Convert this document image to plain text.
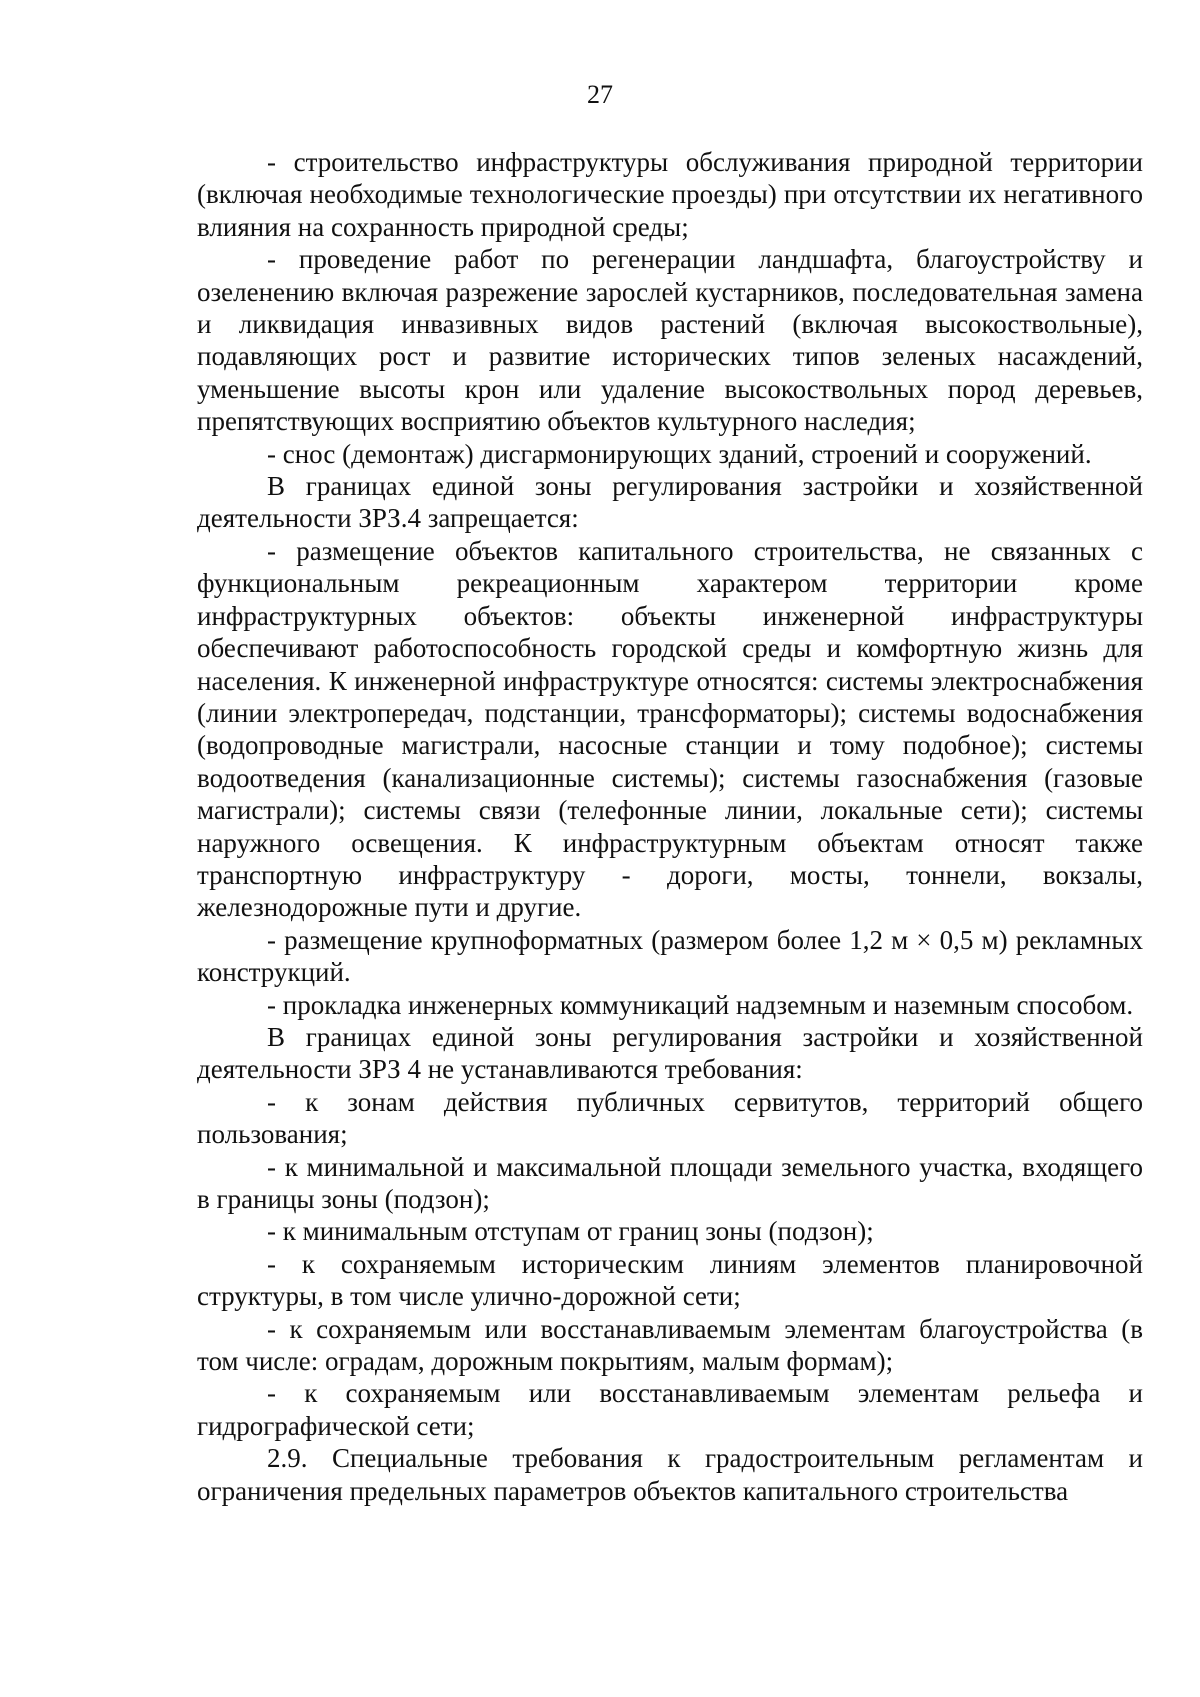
27

- строительство инфраструктуры обслуживания природной территории (включая необходимые технологические проезды) при отсутствии их негативного влияния на сохранность природной среды;

- проведение работ по регенерации ландшафта, благоустройству и озеленению включая разрежение зарослей кустарников, последовательная замена и ликвидация инвазивных видов растений (включая высокоствольные), подавляющих рост и развитие исторических типов зеленых насаждений, уменьшение высоты крон или удаление высокоствольных пород деревьев, препятствующих восприятию объектов культурного наследия;

- снос (демонтаж) дисгармонирующих зданий, строений и сооружений.

В границах единой зоны регулирования застройки и хозяйственной деятельности ЗРЗ.4 запрещается:

- размещение объектов капитального строительства, не связанных с функциональным рекреационным характером территории кроме инфраструктурных объектов: объекты инженерной инфраструктуры обеспечивают работоспособность городской среды и комфортную жизнь для населения. К инженерной инфраструктуре относятся: системы электроснабжения (линии электропередач, подстанции, трансформаторы); системы водоснабжения (водопроводные магистрали, насосные станции и тому подобное); системы водоотведения (канализационные системы); системы газоснабжения (газовые магистрали); системы связи (телефонные линии, локальные сети); системы наружного освещения. К инфраструктурным объектам относят также транспортную инфраструктуру - дороги, мосты, тоннели, вокзалы, железнодорожные пути и другие.

- размещение крупноформатных (размером более 1,2 м × 0,5 м) рекламных конструкций.

- прокладка инженерных коммуникаций надземным и наземным способом.

В границах единой зоны регулирования застройки и хозяйственной деятельности ЗРЗ 4 не устанавливаются требования:

- к зонам действия публичных сервитутов, территорий общего пользования;

- к минимальной и максимальной площади земельного участка, входящего в границы зоны (подзон);

- к минимальным отступам от границ зоны (подзон);

- к сохраняемым историческим линиям элементов планировочной структуры, в том числе улично-дорожной сети;

- к сохраняемым или восстанавливаемым элементам благоустройства (в том числе: оградам, дорожным покрытиям, малым формам);

- к сохраняемым или восстанавливаемым элементам рельефа и гидрографической сети;

2.9. Специальные требования к градостроительным регламентам и ограничения предельных параметров объектов капитального строительства
